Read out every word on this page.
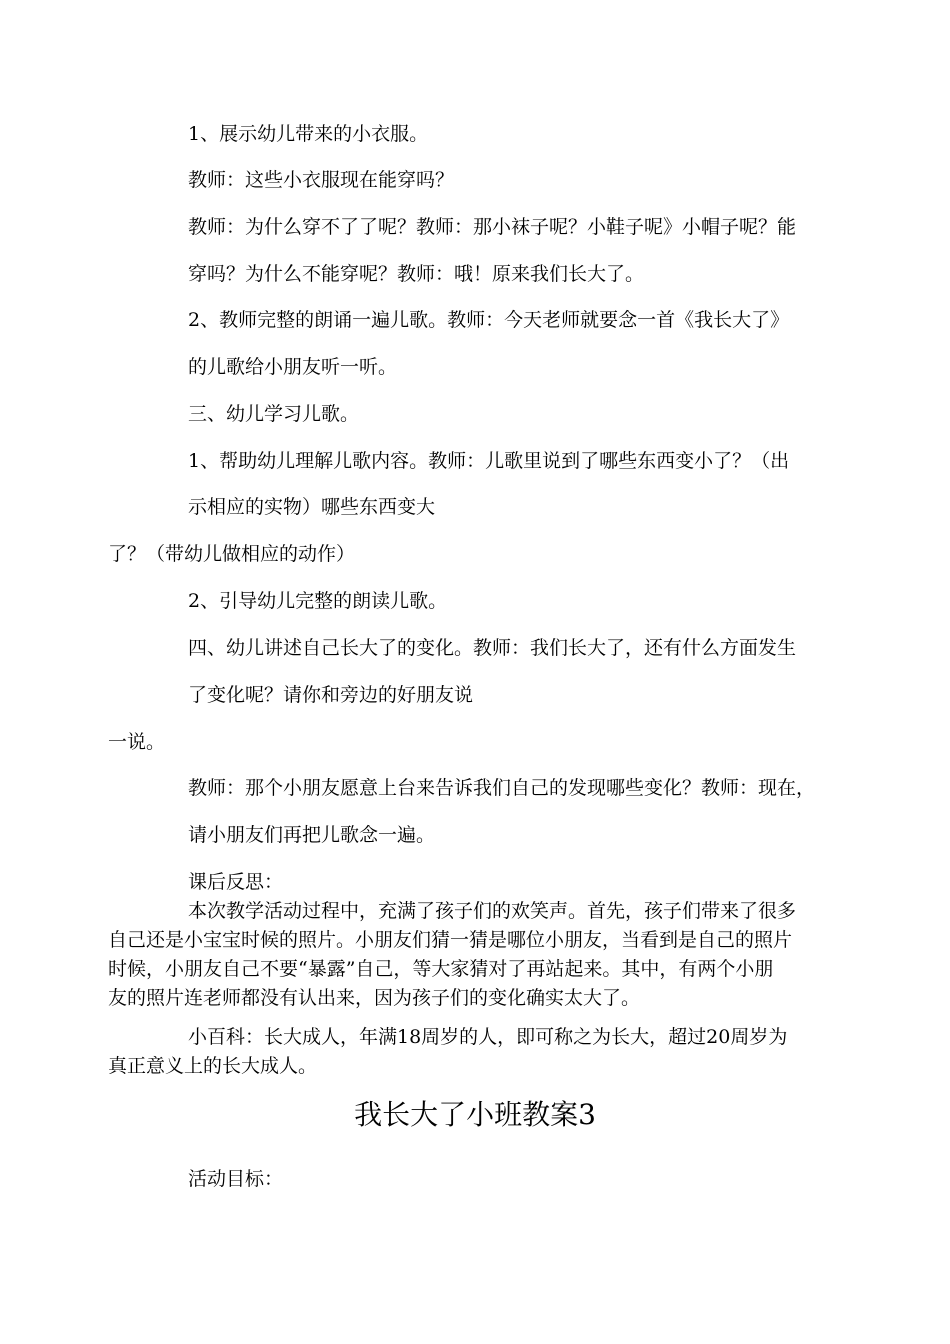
1、展示幼儿带来的小衣服。

教师：这些小衣服现在能穿吗？

教师：为什么穿不了了呢？教师：那小袜子呢？小鞋子呢》小帽子呢？能

穿吗？为什么不能穿呢？教师：哦！原来我们长大了。

2、教师完整的朗诵一遍儿歌。教师：今天老师就要念一首《我长大了》

的儿歌给小朋友听一听。

三、幼儿学习儿歌。

1、帮助幼儿理解儿歌内容。教师：儿歌里说到了哪些东西变小了？（出

示相应的实物）哪些东西变大

了？（带幼儿做相应的动作）

2、引导幼儿完整的朗读儿歌。

四、幼儿讲述自己长大了的变化。教师：我们长大了，还有什么方面发生

了变化呢？请你和旁边的好朋友说

一说。

教师：那个小朋友愿意上台来告诉我们自己的发现哪些变化？教师：现在，

请小朋友们再把儿歌念一遍。

课后反思：

本次教学活动过程中，充满了孩子们的欢笑声。首先，孩子们带来了很多

自己还是小宝宝时候的照片。小朋友们猜一猜是哪位小朋友，当看到是自己的照片

时候，小朋友自己不要“暴露”自己，等大家猜对了再站起来。其中，有两个小朋

友的照片连老师都没有认出来，因为孩子们的变化确实太大了。

小百科：长大成人，年满18周岁的人，即可称之为长大，超过20周岁为

真正意义上的长大成人。

我长大了小班教案3

活动目标：
